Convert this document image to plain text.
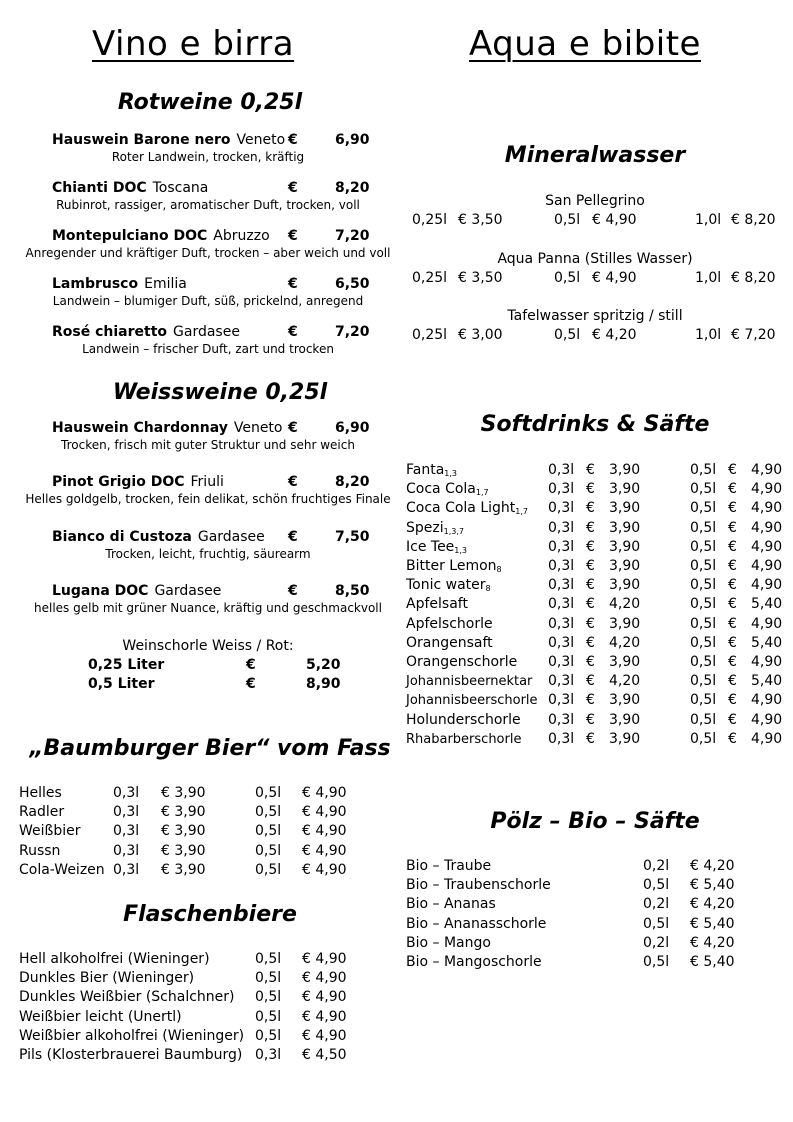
Vino e birra	Aqua e bibite
Rotweine 0,25l
Weissweine 0,25l
„Baumburger Bier“ vom Fass
Flaschenbiere
Mineralwasser
Softdrinks & Säfte
Pölz – Bio – Säfte
Weinschorle Weiss / Rot:
Hauswein Barone nero Veneto €	6,90
Roter Landwein, trocken, kräftig
Chianti DOC Toscana	€	8,20
Rubinrot, rassiger, aromatischer Duft, trocken, voll
Montepulciano DOC Abruzzo €	7,20
Anregender und kräftiger Duft, trocken – aber weich und voll
Lambrusco Emilia	€	6,50
Landwein – blumiger Duft, süß, prickelnd, anregend
Rosé chiaretto Gardasee	€	7,20
Landwein – frischer Duft, zart und trocken
Hauswein Chardonnay Veneto €	6,90
Trocken, frisch mit guter Struktur und sehr weich
Pinot Grigio DOC Friuli	€	8,20
Helles goldgelb, trocken, fein delikat, schön fruchtiges Finale
Bianco di Custoza Gardasee €	7,50
Trocken, leicht, fruchtig, säurearm
Lugana DOC Gardasee	€	8,50
helles gelb mit grüner Nuance, kräftig und geschmackvoll
0,25 Liter	€	5,20
0,5 Liter	€	8,90
Helles	0,3l € 3,90	0,5l € 4,90
Radler	0,3l € 3,90	0,5l € 4,90
Weißbier 0,3l € 3,90	0,5l € 4,90
Russn	0,3l € 3,90	0,5l € 4,90
Cola-Weizen 0,3l € 3,90	0,5l € 4,90
Hell alkoholfrei (Wieninger)	0,5l € 4,90
Dunkles Bier (Wieninger)	0,5l € 4,90
Dunkles Weißbier (Schalchner) 0,5l € 4,90
Weißbier leicht (Unertl)	0,5l € 4,90
Weißbier alkoholfrei (Wieninger) 0,5l € 4,90
Pils (Klosterbrauerei Baumburg) 0,3l € 4,50
San Pellegrino
0,25l € 3,50	0,5l € 4,90	1,0l € 8,20
Aqua Panna (Stilles Wasser)
0,25l € 3,50	0,5l € 4,90	1,0l € 8,20
Tafelwasser spritzig / still
0,25l € 3,00	0,5l € 4,20	1,0l € 7,20
Fanta$_{1,3}$	0,3l € 3,90	0,5l € 4,90
Coca Cola$_{1,7}$	0,3l € 3,90	0,5l € 4,90
Coca Cola Light$_{1,7}$ 0,3l € 3,90	0,5l € 4,90
Spezi$_{1,3,7}$	0,3l € 3,90	0,5l € 4,90
Ice Tee$_{1,3}$	0,3l € 3,90	0,5l € 4,90
Bitter Lemon$_8$	0,3l € 3,90	0,5l € 4,90
Tonic water$_8$	0,3l € 3,90	0,5l € 4,90
Apfelsaft	0,3l € 4,20	0,5l € 5,40
Apfelschorle	0,3l € 3,90	0,5l € 4,90
Orangensaft	0,3l € 4,20	0,5l € 5,40
Orangenschorle 0,3l € 3,90	0,5l € 4,90
Johannisbeernektar 0,3l € 4,20	0,5l € 5,40
Johannisbeerschorle 0,3l € 3,90	0,5l € 4,90
Holunderschorle 0,3l € 3,90	0,5l € 4,90
Rhabarberschorle 0,3l € 3,90	0,5l € 4,90
Bio – Traube	0,2l € 4,20
Bio – Traubenschorle	0,5l € 5,40
Bio – Ananas	0,2l € 4,20
Bio – Ananasschorle	0,5l € 5,40
Bio – Mango	0,2l € 4,20
Bio – Mangoschorle	0,5l € 5,40
